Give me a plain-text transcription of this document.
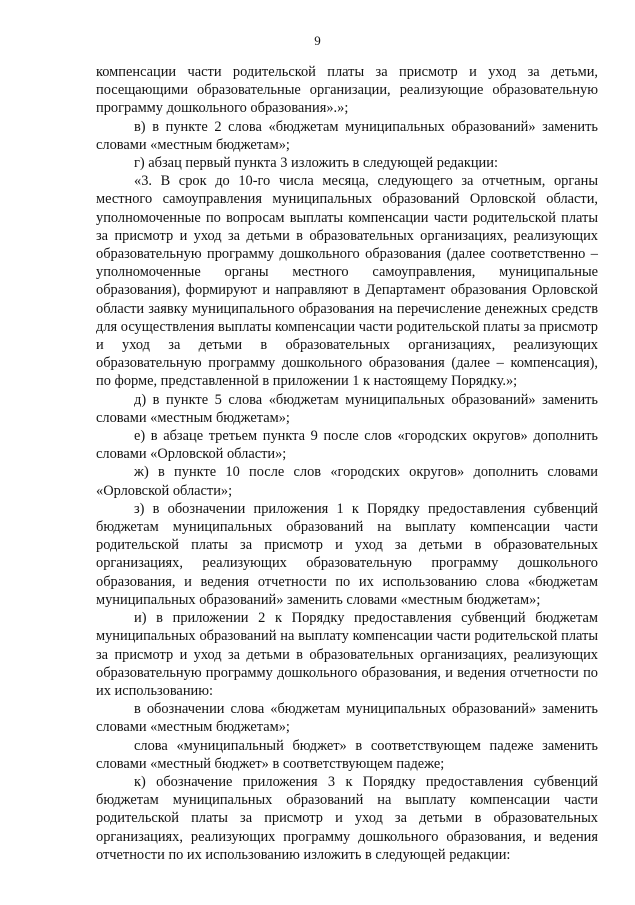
9

компенсации части родительской платы за присмотр и уход за детьми, посещающими образовательные организации, реализующие образовательную программу дошкольного образования».»;

в) в пункте 2 слова «бюджетам муниципальных образований» заменить словами «местным бюджетам»;

г) абзац первый пункта 3 изложить в следующей редакции:

«3. В срок до 10-го числа месяца, следующего за отчетным, органы местного самоуправления муниципальных образований Орловской области, уполномоченные по вопросам выплаты компенсации части родительской платы за присмотр и уход за детьми в образовательных организациях, реализующих образовательную программу дошкольного образования (далее соответственно – уполномоченные органы местного самоуправления, муниципальные образования), формируют и направляют в Департамент образования Орловской области заявку муниципального образования на перечисление денежных средств для осуществления выплаты компенсации части родительской платы за присмотр и уход за детьми в образовательных организациях, реализующих образовательную программу дошкольного образования (далее – компенсация), по форме, представленной в приложении 1 к настоящему Порядку.»;

д) в пункте 5 слова «бюджетам муниципальных образований» заменить словами «местным бюджетам»;

е) в абзаце третьем пункта 9 после слов «городских округов» дополнить словами «Орловской области»;

ж) в пункте 10 после слов «городских округов» дополнить словами «Орловской области»;

з) в обозначении приложения 1 к Порядку предоставления субвенций бюджетам муниципальных образований на выплату компенсации части родительской платы за присмотр и уход за детьми в образовательных организациях, реализующих образовательную программу дошкольного образования, и ведения отчетности по их использованию слова «бюджетам муниципальных образований» заменить словами «местным бюджетам»;

и) в приложении 2 к Порядку предоставления субвенций бюджетам муниципальных образований на выплату компенсации части родительской платы за присмотр и уход за детьми в образовательных организациях, реализующих образовательную программу дошкольного образования, и ведения отчетности по их использованию:

в обозначении слова «бюджетам муниципальных образований» заменить словами «местным бюджетам»;

слова «муниципальный бюджет» в соответствующем падеже заменить словами «местный бюджет» в соответствующем падеже;

к) обозначение приложения 3 к Порядку предоставления субвенций бюджетам муниципальных образований на выплату компенсации части родительской платы за присмотр и уход за детьми в образовательных организациях, реализующих программу дошкольного образования, и ведения отчетности по их использованию изложить в следующей редакции:
